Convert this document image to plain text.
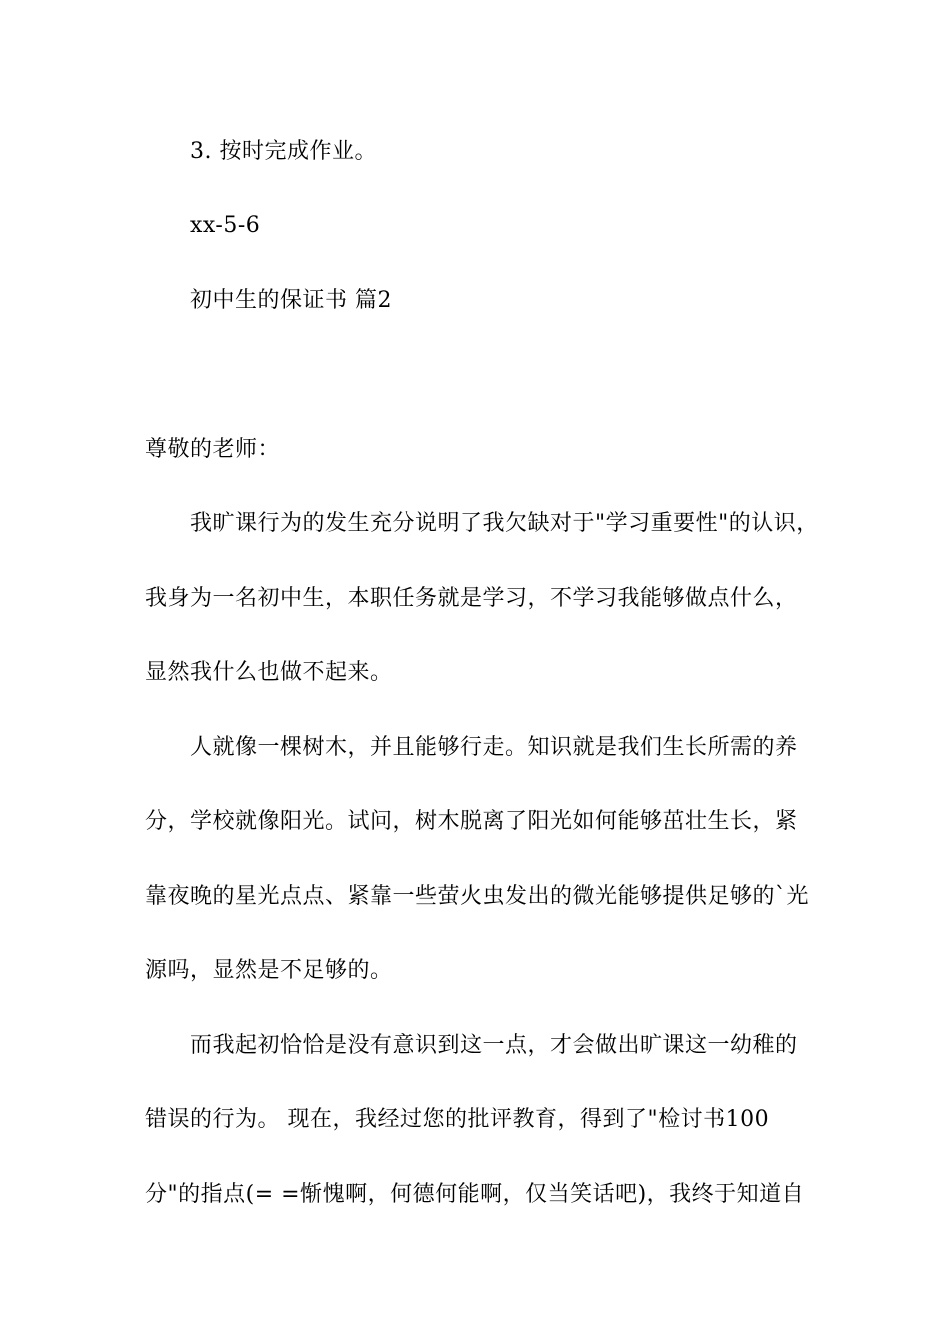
3. 按时完成作业。
xx-5-6
初中生的保证书 篇2
尊敬的老师：
我旷课行为的发生充分说明了我欠缺对于"学习重要性"的认识，
我身为一名初中生，本职任务就是学习，不学习我能够做点什么，
显然我什么也做不起来。
人就像一棵树木，并且能够行走。知识就是我们生长所需的养
分，学校就像阳光。试问，树木脱离了阳光如何能够茁壮生长，紧
靠夜晚的星光点点、紧靠一些萤火虫发出的微光能够提供足够的`光
源吗，显然是不足够的。
而我起初恰恰是没有意识到这一点，才会做出旷课这一幼稚的
错误的行为。 现在，我经过您的批评教育，得到了"检讨书100
分"的指点(= =惭愧啊，何德何能啊，仅当笑话吧)，我终于知道自
